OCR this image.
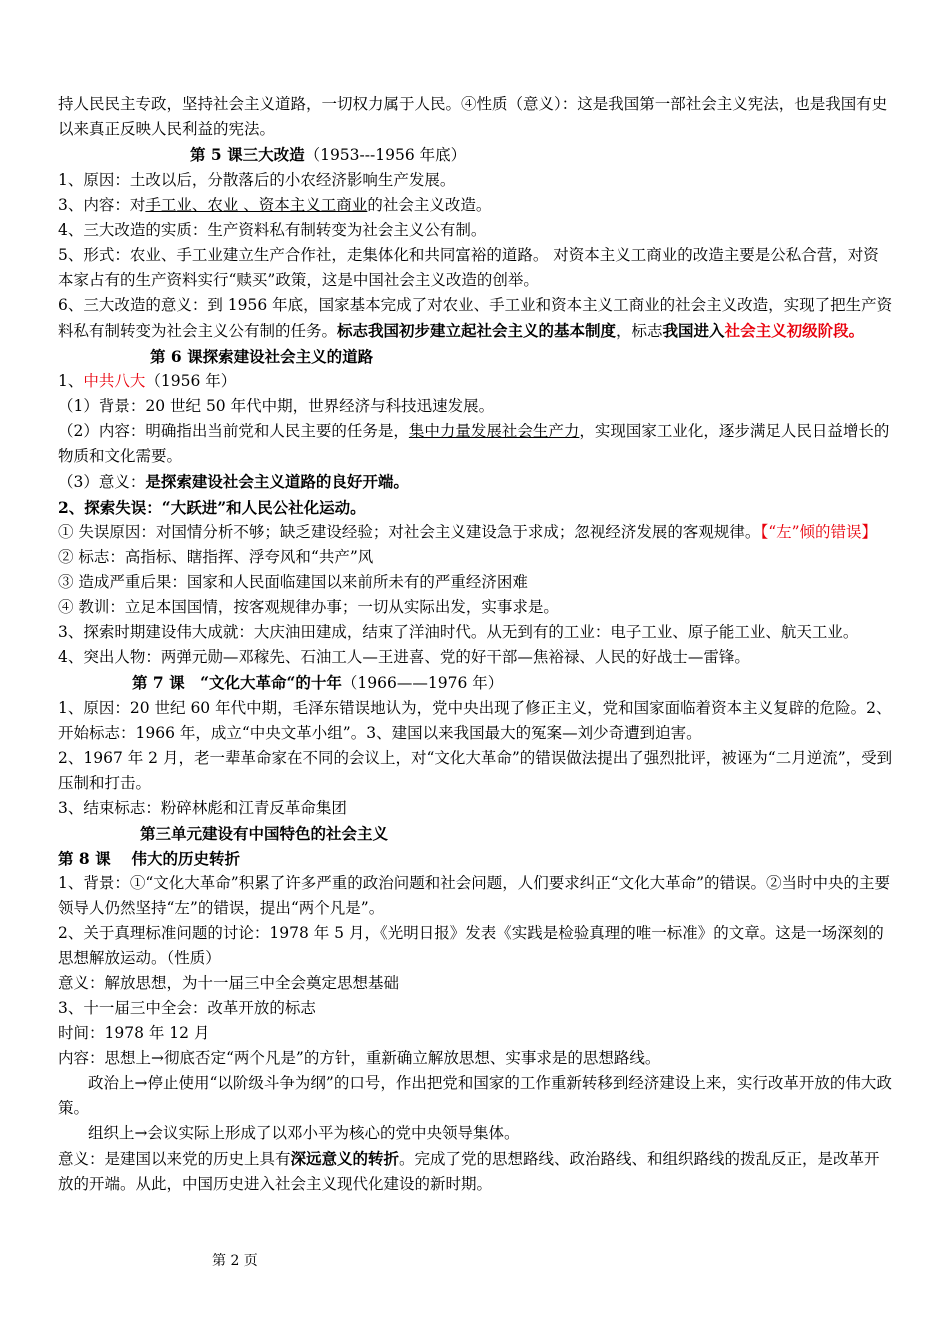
持人民民主专政，坚持社会主义道路，一切权力属于人民。④性质（意义）：这是我国第一部社会主义宪法，也是我国有史以来真正反映人民利益的宪法。

第 5 课三大改造（1953---1956 年底）

1、原因：土改以后，分散落后的小农经济影响生产发展。

3、内容：对手工业、农业 、资本主义工商业的社会主义改造。

4、三大改造的实质：生产资料私有制转变为社会主义公有制。

5、形式：农业、手工业建立生产合作社，走集体化和共同富裕的道路。 对资本主义工商业的改造主要是公私合营，对资本家占有的生产资料实行“赎买”政策，这是中国社会主义改造的创举。

6、三大改造的意义：到 1956 年底，国家基本完成了对农业、手工业和资本主义工商业的社会主义改造，实现了把生产资料私有制转变为社会主义公有制的任务。标志我国初步建立起社会主义的基本制度，标志我国进入社会主义初级阶段。

第 6 课探索建设社会主义的道路

1、中共八大（1956 年）

（1）背景：20 世纪 50 年代中期，世界经济与科技迅速发展。

（2）内容：明确指出当前党和人民主要的任务是，集中力量发展社会生产力，实现国家工业化，逐步满足人民日益增长的物质和文化需要。

（3）意义：是探索建设社会主义道路的良好开端。

2、探索失误：“大跃进”和人民公社化运动。

① 失误原因：对国情分析不够；缺乏建设经验；对社会主义建设急于求成；忽视经济发展的客观规律。【“左”倾的错误】

② 标志：高指标、瞎指挥、浮夸风和“共产”风

③ 造成严重后果：国家和人民面临建国以来前所未有的严重经济困难

④ 教训：立足本国国情，按客观规律办事；一切从实际出发，实事求是。

3、探索时期建设伟大成就：大庆油田建成，结束了洋油时代。从无到有的工业：电子工业、原子能工业、航天工业。

4、突出人物：两弹元勋—邓稼先、石油工人—王进喜、党的好干部—焦裕禄、人民的好战士—雷锋。

第 7 课　“文化大革命“的十年（1966——1976 年）

1、原因：20 世纪 60 年代中期，毛泽东错误地认为，党中央出现了修正主义，党和国家面临着资本主义复辟的危险。2、开始标志：1966 年，成立“中央文革小组”。3、建国以来我国最大的冤案—刘少奇遭到迫害。

2、1967 年 2 月，老一辈革命家在不同的会议上，对“文化大革命”的错误做法提出了强烈批评，被诬为“二月逆流”，受到压制和打击。

3、结束标志：粉碎林彪和江青反革命集团

第三单元建设有中国特色的社会主义

第 8 课　 伟大的历史转折

1、背景：①“文化大革命”积累了许多严重的政治问题和社会问题，人们要求纠正“文化大革命”的错误。②当时中央的主要领导人仍然坚持“左”的错误，提出“两个凡是”。

2、关于真理标准问题的讨论：1978 年 5 月，《光明日报》发表《实践是检验真理的唯一标准》的文章。这是一场深刻的思想解放运动。（性质）

意义：解放思想，为十一届三中全会奠定思想基础

3、十一届三中全会：改革开放的标志

时间：1978 年 12 月

内容：思想上→彻底否定“两个凡是”的方针，重新确立解放思想、实事求是的思想路线。

政治上→停止使用“以阶级斗争为纲”的口号，作出把党和国家的工作重新转移到经济建设上来，实行改革开放的伟大政策。

组织上→会议实际上形成了以邓小平为核心的党中央领导集体。

意义：是建国以来党的历史上具有深远意义的转折。完成了党的思想路线、政治路线、和组织路线的拨乱反正，是改革开放的开端。从此，中国历史进入社会主义现代化建设的新时期。

第 2 页
